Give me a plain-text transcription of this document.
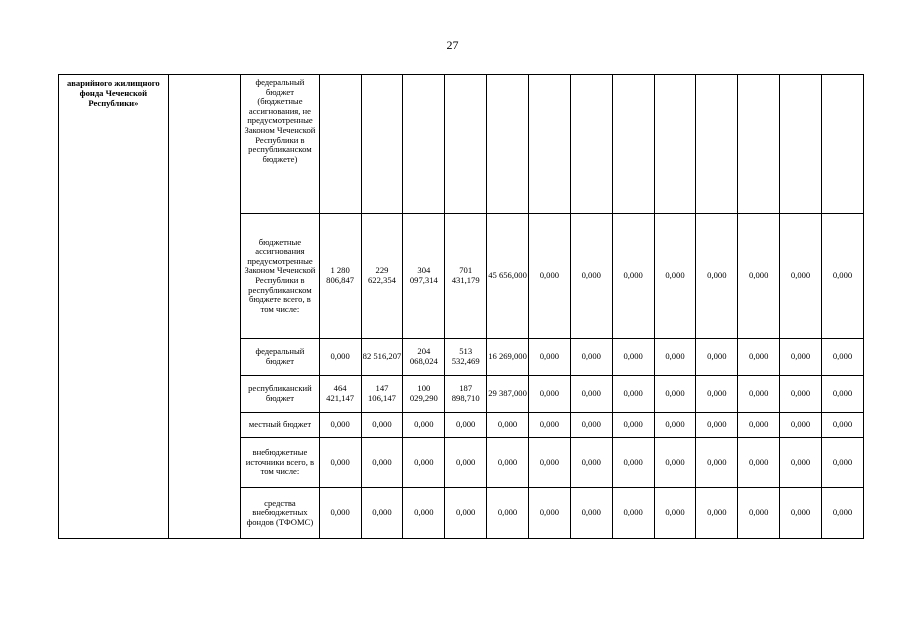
27
аварийного жилищного фонда Чеченской Республики»		федеральный бюджет (бюджетные ассигнования, не предусмотренные Законом Чеченской Республики в республиканском бюджете)													
		бюджетные ассигнования предусмотренные Законом Чеченской Республики в республиканском бюджете всего, в том числе:	1 280 806,847	229 622,354	304 097,314	701 431,179	45 656,000	0,000	0,000	0,000	0,000	0,000	0,000	0,000	0,000
		федеральный бюджет	0,000	82 516,207	204 068,024	513 532,469	16 269,000	0,000	0,000	0,000	0,000	0,000	0,000	0,000	0,000
		республиканский бюджет	464 421,147	147 106,147	100 029,290	187 898,710	29 387,000	0,000	0,000	0,000	0,000	0,000	0,000	0,000	0,000
		местный бюджет	0,000	0,000	0,000	0,000	0,000	0,000	0,000	0,000	0,000	0,000	0,000	0,000	0,000
		внебюджетные источники всего, в том числе:	0,000	0,000	0,000	0,000	0,000	0,000	0,000	0,000	0,000	0,000	0,000	0,000	0,000
		средства внебюджетных фондов (ТФОМС)	0,000	0,000	0,000	0,000	0,000	0,000	0,000	0,000	0,000	0,000	0,000	0,000	0,000
